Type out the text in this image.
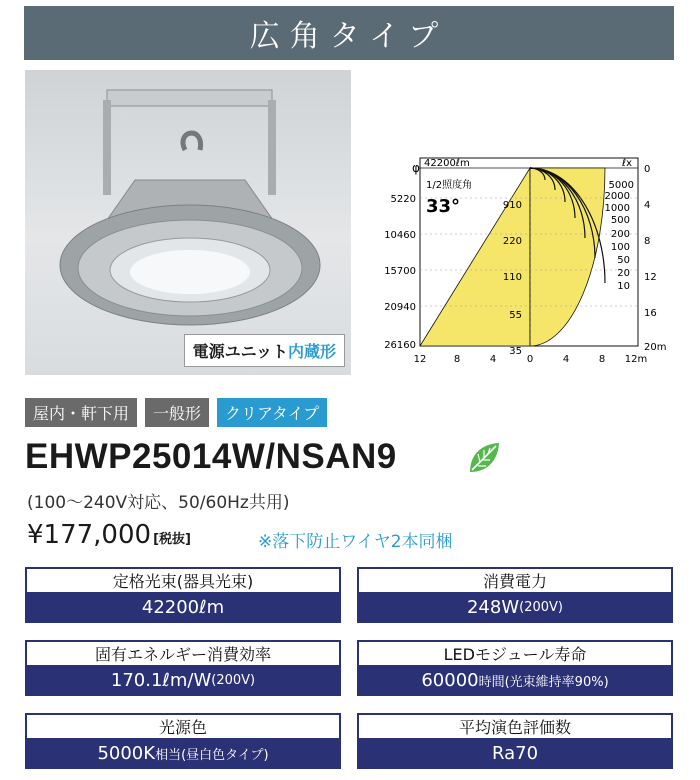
広角タイプ
電源ユニット内蔵形
φ 42200ℓm	ℓx
1/2照度角
33°
5220
10460
15700
20940
26160
12	8	4	0	4	8 12m
0
4
8
12
16
20m
910
220
110
55
35
5000
2000
1000
500
200
100
50
20
10
屋内・軒下用	一般形	クリアタイプ
EHWP25014W/NSAN9
(100〜240V対応、50/60Hz共用)
¥177,000 [税抜]	※落下防止ワイヤ2本同梱
定格光束(器具光束)
42200ℓm
消費電力
248W (200V)
固有エネルギー消費効率
170.1ℓm/W (200V)
LEDモジュール寿命
60000 時間(光束維持率90%)
光源色
5000K 相当(昼白色タイプ)
平均演色評価数
Ra70
